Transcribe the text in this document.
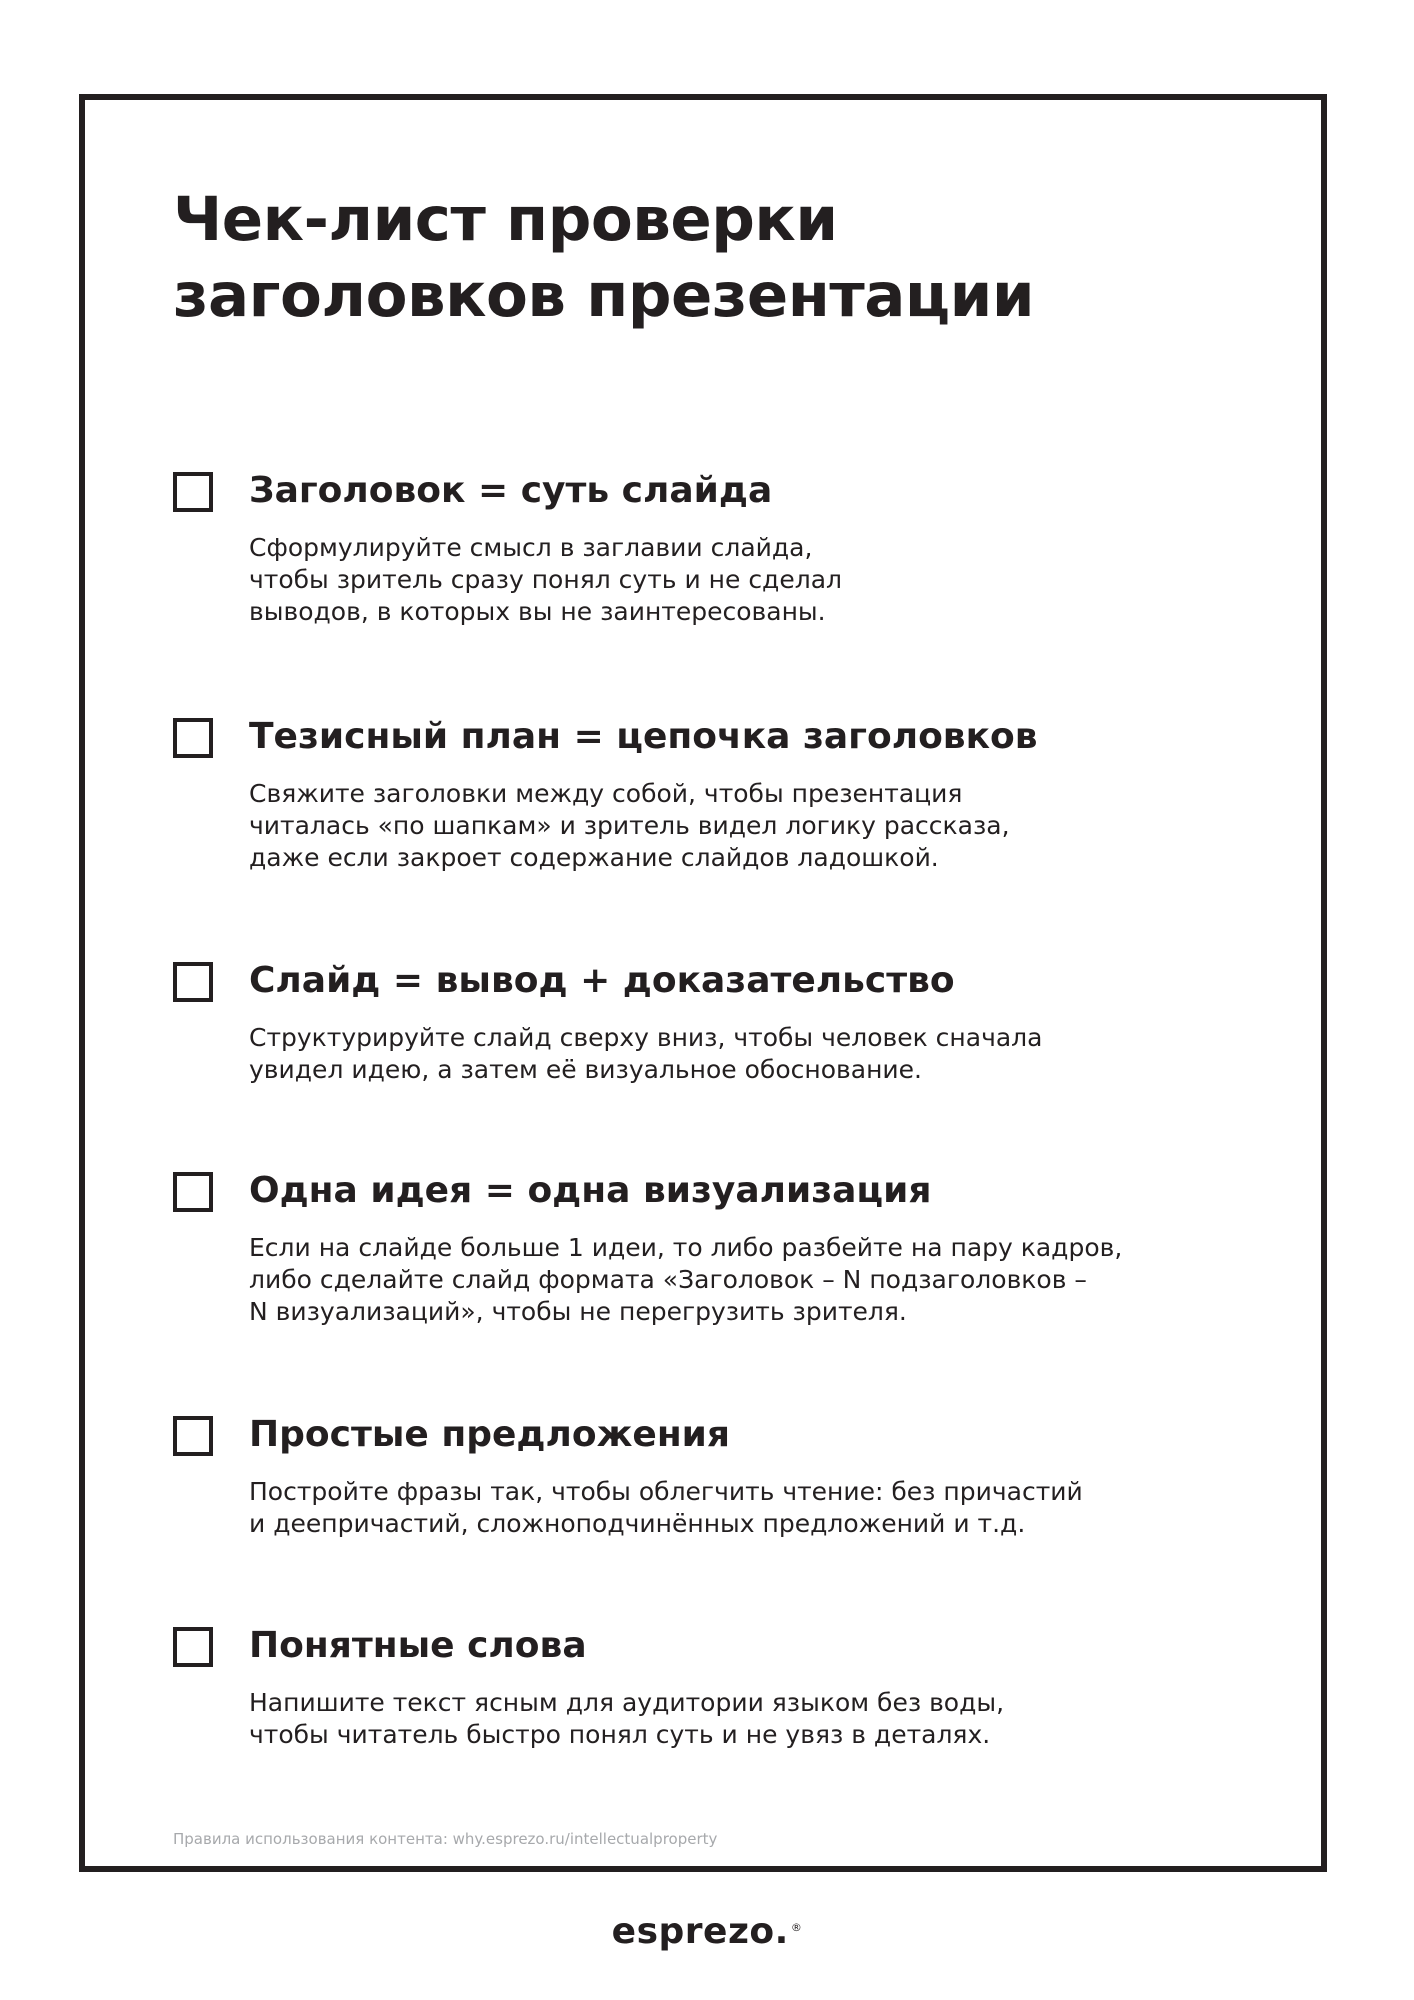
Чек-лист проверки
заголовков презентации
Заголовок = суть слайда

Сформулируйте смысл в заглавии слайда,
чтобы зритель сразу понял суть и не сделал
выводов, в которых вы не заинтересованы.

Тезисный план = цепочка заголовков

Свяжите заголовки между собой, чтобы презентация
читалась «по шапкам» и зритель видел логику рассказа,
даже если закроет содержание слайдов ладошкой.

Слайд = вывод + доказательство

Структурируйте слайд сверху вниз, чтобы человек сначала
увидел идею, а затем её визуальное обоснование.

Одна идея = одна визуализация

Если на слайде больше 1 идеи, то либо разбейте на пару кадров,
либо сделайте слайд формата «Заголовок – N подзаголовков –
N визуализаций», чтобы не перегрузить зрителя.

Простые предложения

Постройте фразы так, чтобы облегчить чтение: без причастий
и деепричастий, сложноподчинённых предложений и т.д.

Понятные слова

Напишите текст ясным для аудитории языком без воды,
чтобы читатель быстро понял суть и не увяз в деталях.

Правила использования контента: why.esprezo.ru/intellectualproperty
esprezo. ®
